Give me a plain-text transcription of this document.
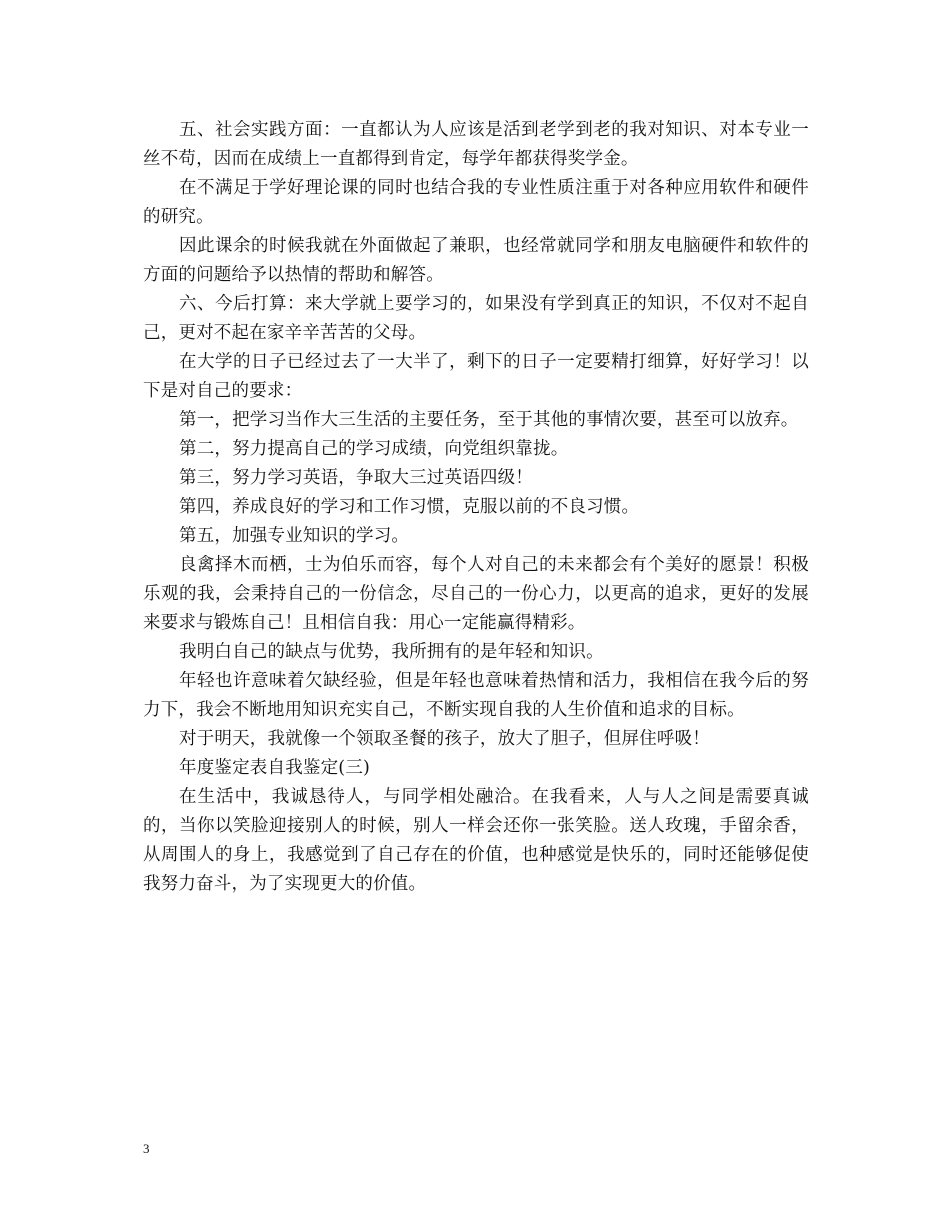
五、社会实践方面：一直都认为人应该是活到老学到老的我对知识、对本专业一丝不苟，因而在成绩上一直都得到肯定，每学年都获得奖学金。

在不满足于学好理论课的同时也结合我的专业性质注重于对各种应用软件和硬件的研究。

因此课余的时候我就在外面做起了兼职，也经常就同学和朋友电脑硬件和软件的方面的问题给予以热情的帮助和解答。

六、今后打算：来大学就上要学习的，如果没有学到真正的知识，不仅对不起自己，更对不起在家辛辛苦苦的父母。

在大学的日子已经过去了一大半了，剩下的日子一定要精打细算，好好学习！以下是对自己的要求：

第一，把学习当作大三生活的主要任务，至于其他的事情次要，甚至可以放弃。

第二，努力提高自己的学习成绩，向党组织靠拢。

第三，努力学习英语，争取大三过英语四级！

第四，养成良好的学习和工作习惯，克服以前的不良习惯。

第五，加强专业知识的学习。

良禽择木而栖，士为伯乐而容，每个人对自己的未来都会有个美好的愿景！积极乐观的我，会秉持自己的一份信念，尽自己的一份心力，以更高的追求，更好的发展来要求与锻炼自己！且相信自我：用心一定能赢得精彩。

我明白自己的缺点与优势，我所拥有的是年轻和知识。

年轻也许意味着欠缺经验，但是年轻也意味着热情和活力，我相信在我今后的努力下，我会不断地用知识充实自己，不断实现自我的人生价值和追求的目标。

对于明天，我就像一个领取圣餐的孩子，放大了胆子，但屏住呼吸！

年度鉴定表自我鉴定(三)

在生活中，我诚恳待人，与同学相处融洽。在我看来，人与人之间是需要真诚的，当你以笑脸迎接别人的时候，别人一样会还你一张笑脸。送人玫瑰，手留余香，从周围人的身上，我感觉到了自己存在的价值，也种感觉是快乐的，同时还能够促使我努力奋斗，为了实现更大的价值。

3
